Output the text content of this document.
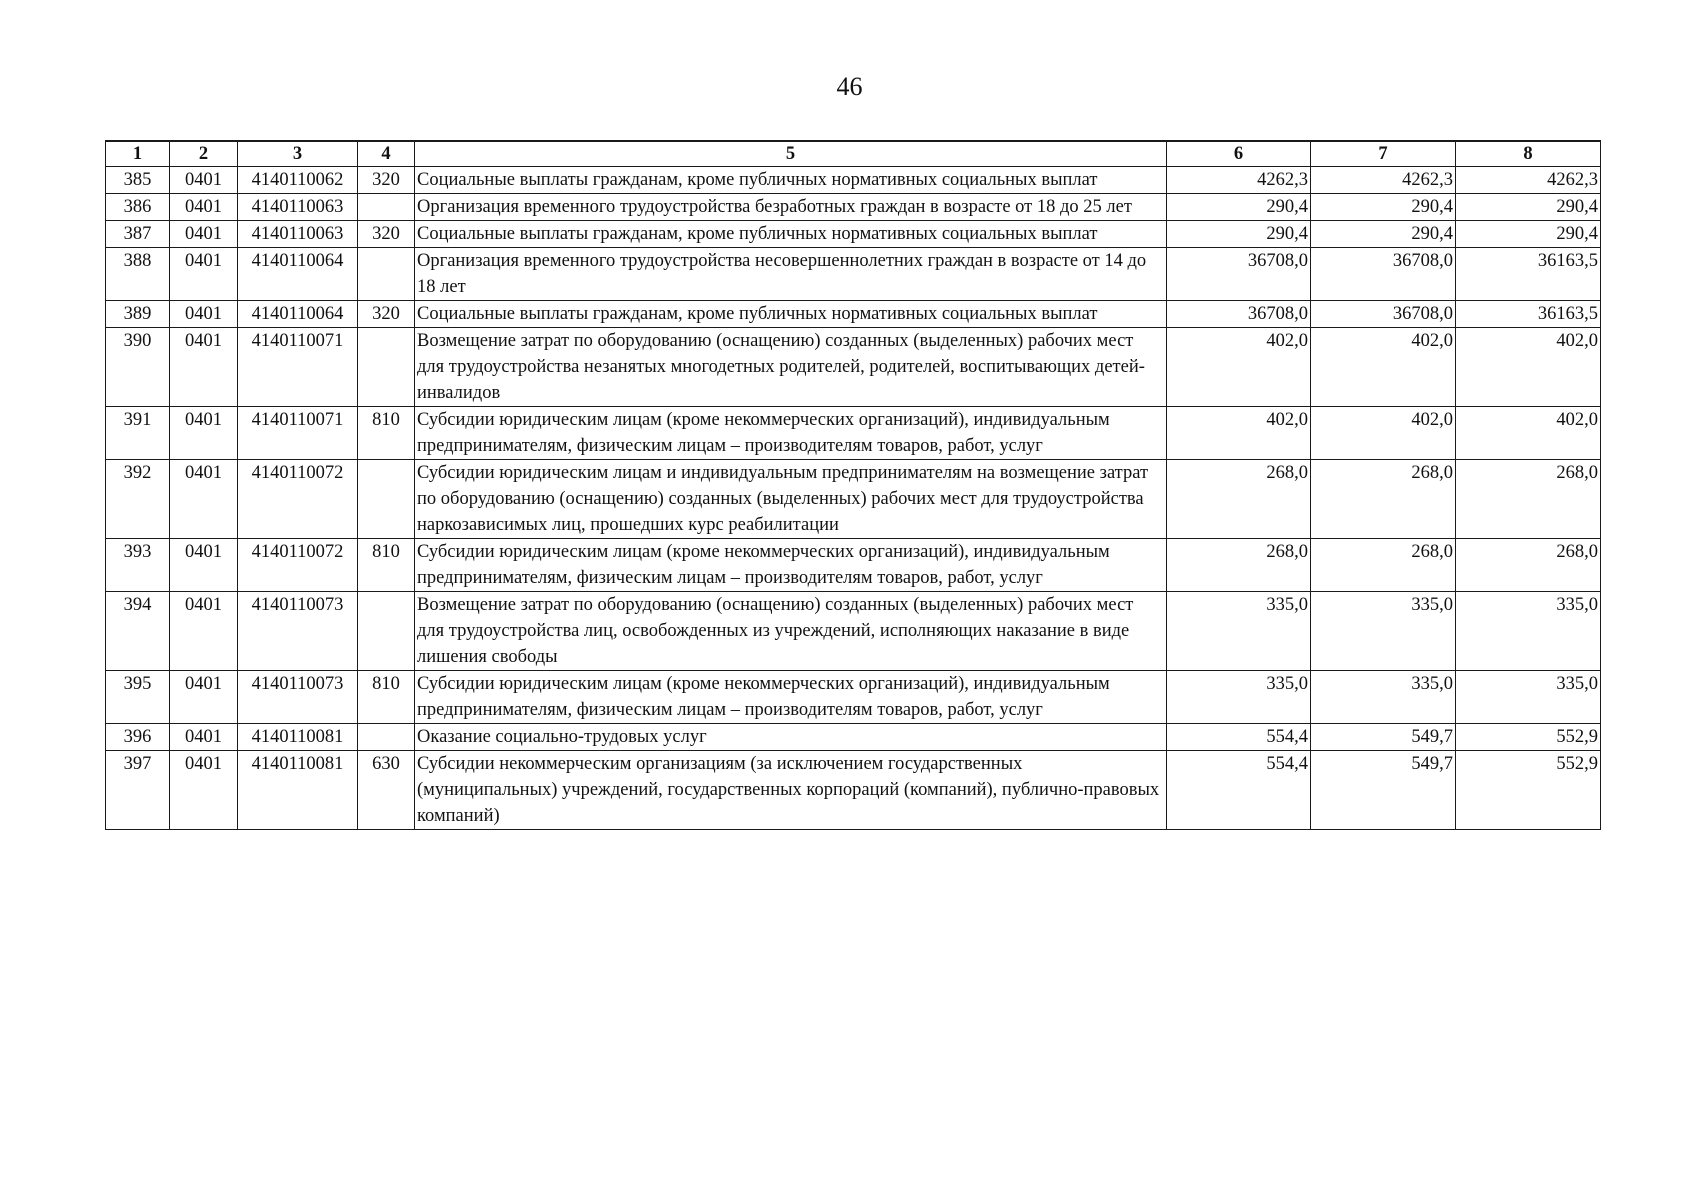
46
1	2	3	4	5	6	7	8
385	0401	4140110062	320	Социальные выплаты гражданам, кроме публичных нормативных социальных выплат	4262,3	4262,3	4262,3
386	0401	4140110063		Организация временного трудоустройства безработных граждан в возрасте от 18 до 25 лет	290,4	290,4	290,4
387	0401	4140110063	320	Социальные выплаты гражданам, кроме публичных нормативных социальных выплат	290,4	290,4	290,4
388	0401	4140110064		Организация временного трудоустройства несовершеннолетних граждан в возрасте от 14 до 18 лет	36708,0	36708,0	36163,5
389	0401	4140110064	320	Социальные выплаты гражданам, кроме публичных нормативных социальных выплат	36708,0	36708,0	36163,5
390	0401	4140110071		Возмещение затрат по оборудованию (оснащению) созданных (выделенных) рабочих мест для трудоустройства незанятых многодетных родителей, родителей, воспитывающих детей-инвалидов	402,0	402,0	402,0
391	0401	4140110071	810	Субсидии юридическим лицам (кроме некоммерческих организаций), индивидуальным предпринимателям, физическим лицам – производителям товаров, работ, услуг	402,0	402,0	402,0
392	0401	4140110072		Субсидии юридическим лицам и индивидуальным предпринимателям на возмещение затрат по оборудованию (оснащению) созданных (выделенных) рабочих мест для трудоустройства наркозависимых лиц, прошедших курс реабилитации	268,0	268,0	268,0
393	0401	4140110072	810	Субсидии юридическим лицам (кроме некоммерческих организаций), индивидуальным предпринимателям, физическим лицам – производителям товаров, работ, услуг	268,0	268,0	268,0
394	0401	4140110073		Возмещение затрат по оборудованию (оснащению) созданных (выделенных) рабочих мест для трудоустройства лиц, освобожденных из учреждений, исполняющих наказание в виде лишения свободы	335,0	335,0	335,0
395	0401	4140110073	810	Субсидии юридическим лицам (кроме некоммерческих организаций), индивидуальным предпринимателям, физическим лицам – производителям товаров, работ, услуг	335,0	335,0	335,0
396	0401	4140110081		Оказание социально-трудовых услуг	554,4	549,7	552,9
397	0401	4140110081	630	Субсидии некоммерческим организациям (за исключением государственных (муниципальных) учреждений, государственных корпораций (компаний), публично-правовых компаний)	554,4	549,7	552,9
